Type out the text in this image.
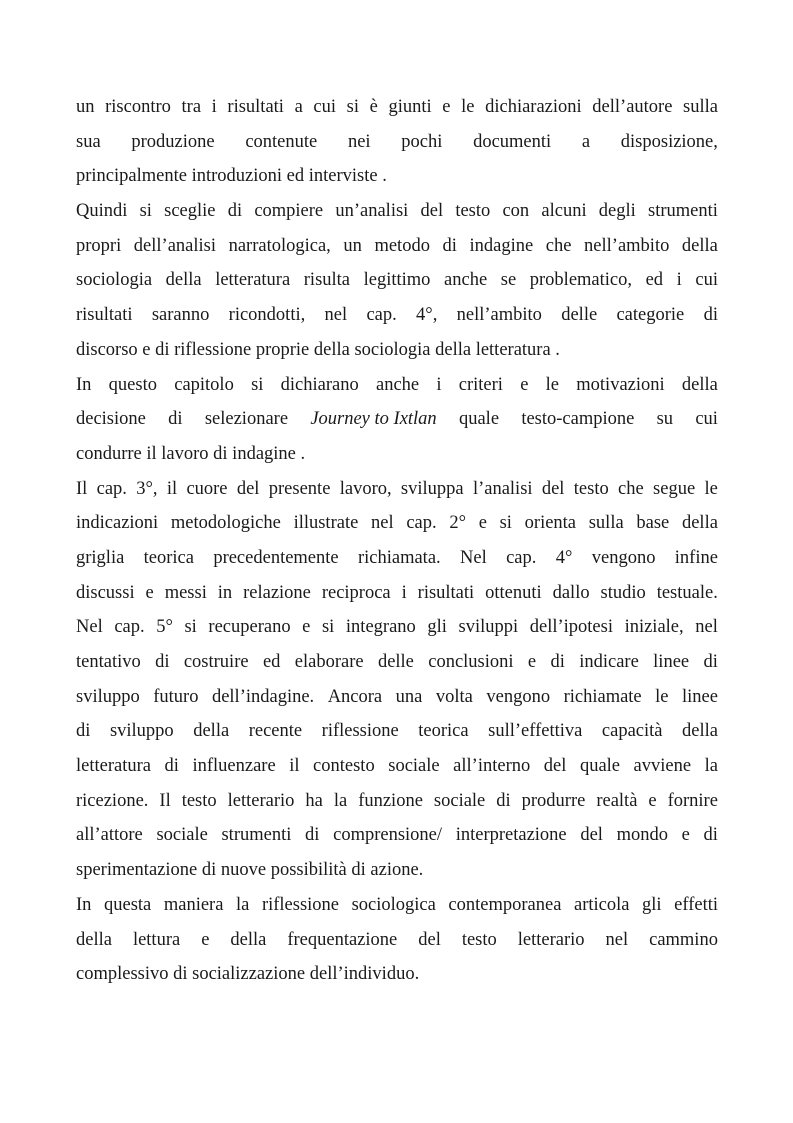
un riscontro tra i risultati a cui si è giunti e le dichiarazioni dell’autore sulla
sua produzione contenute nei pochi documenti a disposizione,
principalmente introduzioni ed interviste .
Quindi si sceglie di compiere un’analisi del testo con alcuni degli strumenti
propri dell’analisi narratologica, un metodo di indagine che nell’ambito della
sociologia della letteratura risulta legittimo anche se problematico, ed i cui
risultati saranno ricondotti, nel cap. 4°, nell’ambito delle categorie di
discorso e di riflessione proprie della sociologia della letteratura .
In questo capitolo si dichiarano anche i criteri e le motivazioni della
decisione di selezionare Journey to Ixtlan quale testo-campione su cui
condurre il lavoro di indagine .
Il cap. 3°, il cuore del presente lavoro, sviluppa l’analisi del testo che segue le
indicazioni metodologiche illustrate nel cap. 2° e si orienta sulla base della
griglia teorica precedentemente richiamata. Nel cap. 4° vengono infine
discussi e messi in relazione reciproca i risultati ottenuti dallo studio testuale.
Nel cap. 5° si recuperano e si integrano gli sviluppi dell’ipotesi iniziale, nel
tentativo di costruire ed elaborare delle conclusioni e di indicare linee di
sviluppo futuro dell’indagine. Ancora una volta vengono richiamate le linee
di sviluppo della recente riflessione teorica sull’effettiva capacità della
letteratura di influenzare il contesto sociale all’interno del quale avviene la
ricezione. Il testo letterario ha la funzione sociale di produrre realtà e fornire
all’attore sociale strumenti di comprensione/ interpretazione del mondo e di
sperimentazione di nuove possibilità di azione.
In questa maniera la riflessione sociologica contemporanea articola gli effetti
della lettura e della frequentazione del testo letterario nel cammino
complessivo di socializzazione dell’individuo.
